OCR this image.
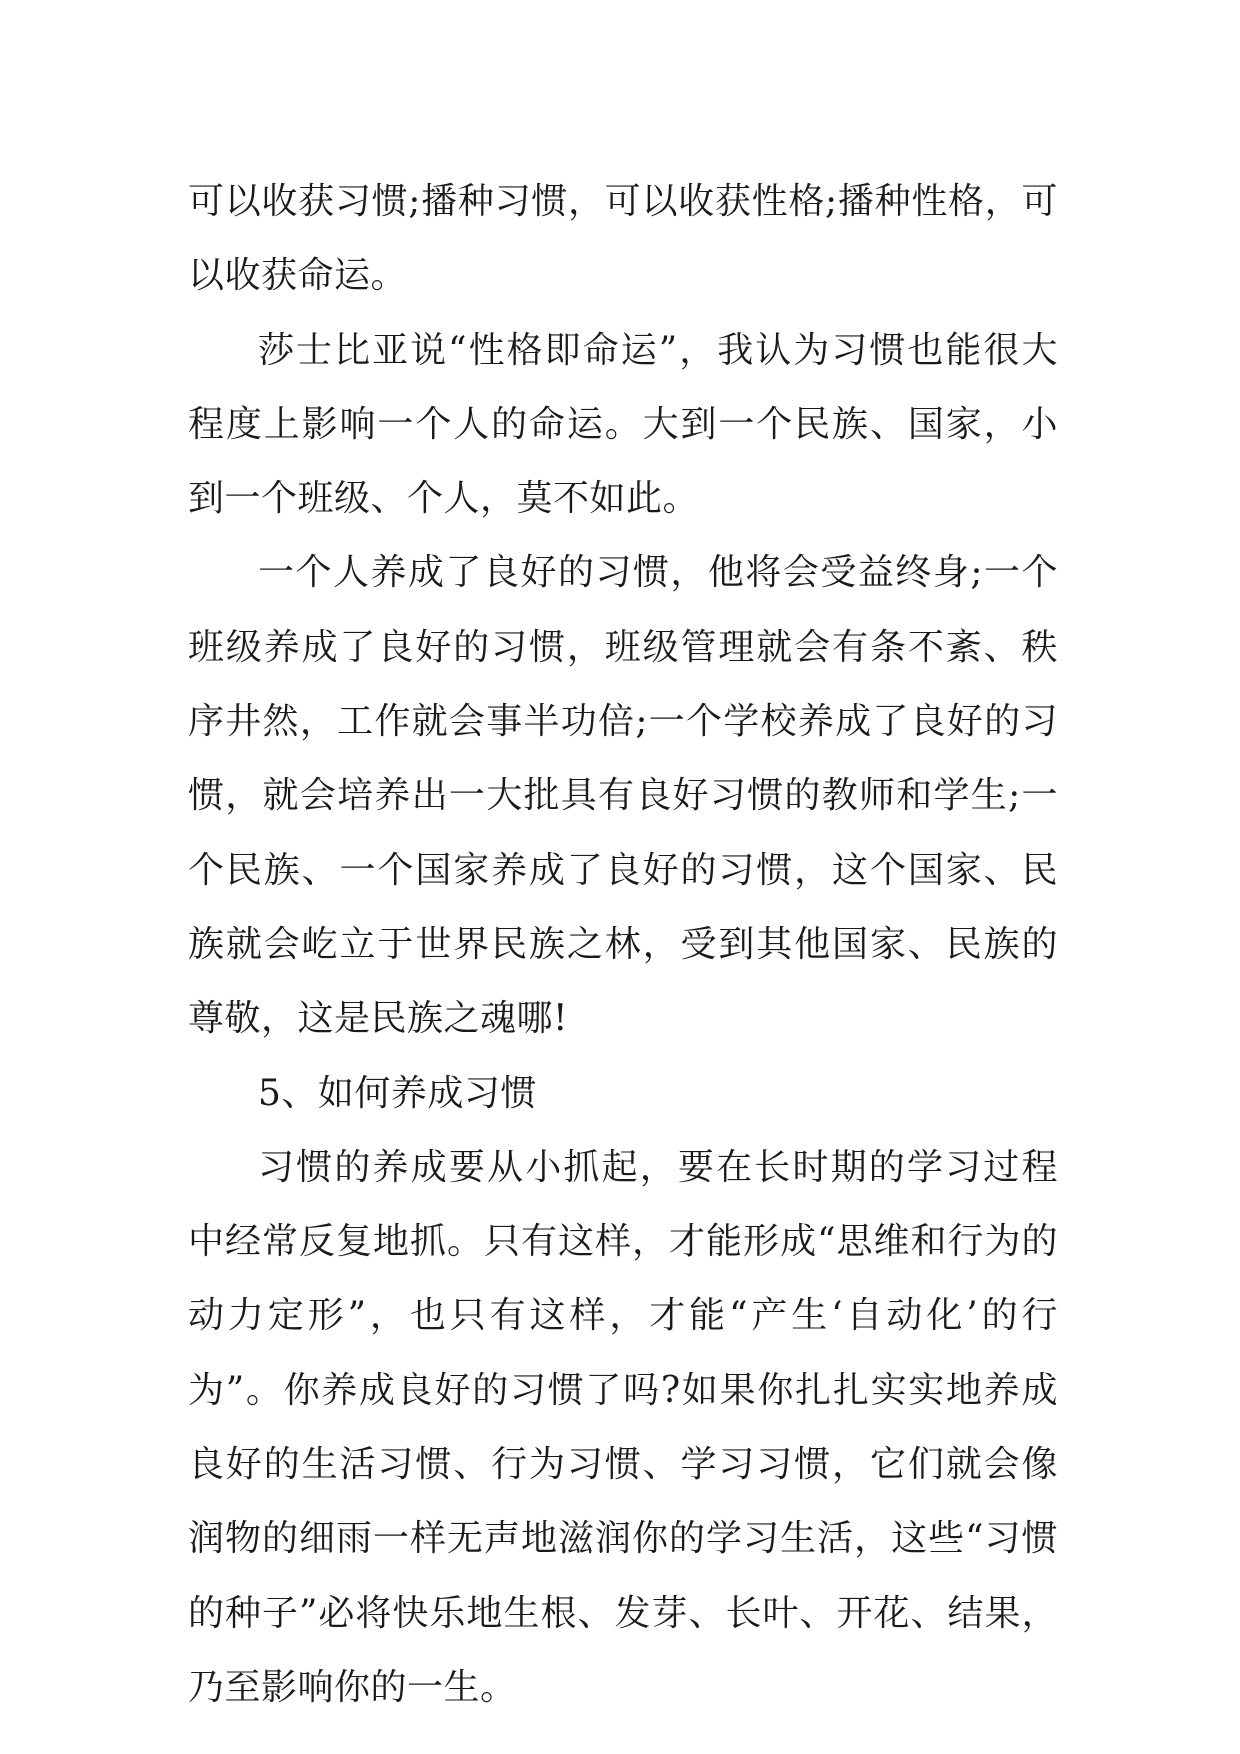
可以收获习惯;播种习惯，可以收获性格;播种性格，可以收获命运。

莎士比亚说“性格即命运”，我认为习惯也能很大程度上影响一个人的命运。大到一个民族、国家，小到一个班级、个人，莫不如此。

一个人养成了良好的习惯，他将会受益终身;一个班级养成了良好的习惯，班级管理就会有条不紊、秩序井然，工作就会事半功倍;一个学校养成了良好的习惯，就会培养出一大批具有良好习惯的教师和学生;一个民族、一个国家养成了良好的习惯，这个国家、民族就会屹立于世界民族之林，受到其他国家、民族的尊敬，这是民族之魂哪!

5、如何养成习惯

习惯的养成要从小抓起，要在长时期的学习过程中经常反复地抓。只有这样，才能形成“思维和行为的动力定形”，也只有这样，才能“产生‘自动化’的行为”。你养成良好的习惯了吗?如果你扎扎实实地养成良好的生活习惯、行为习惯、学习习惯，它们就会像润物的细雨一样无声地滋润你的学习生活，这些“习惯的种子”必将快乐地生根、发芽、长叶、开花、结果，乃至影响你的一生。
